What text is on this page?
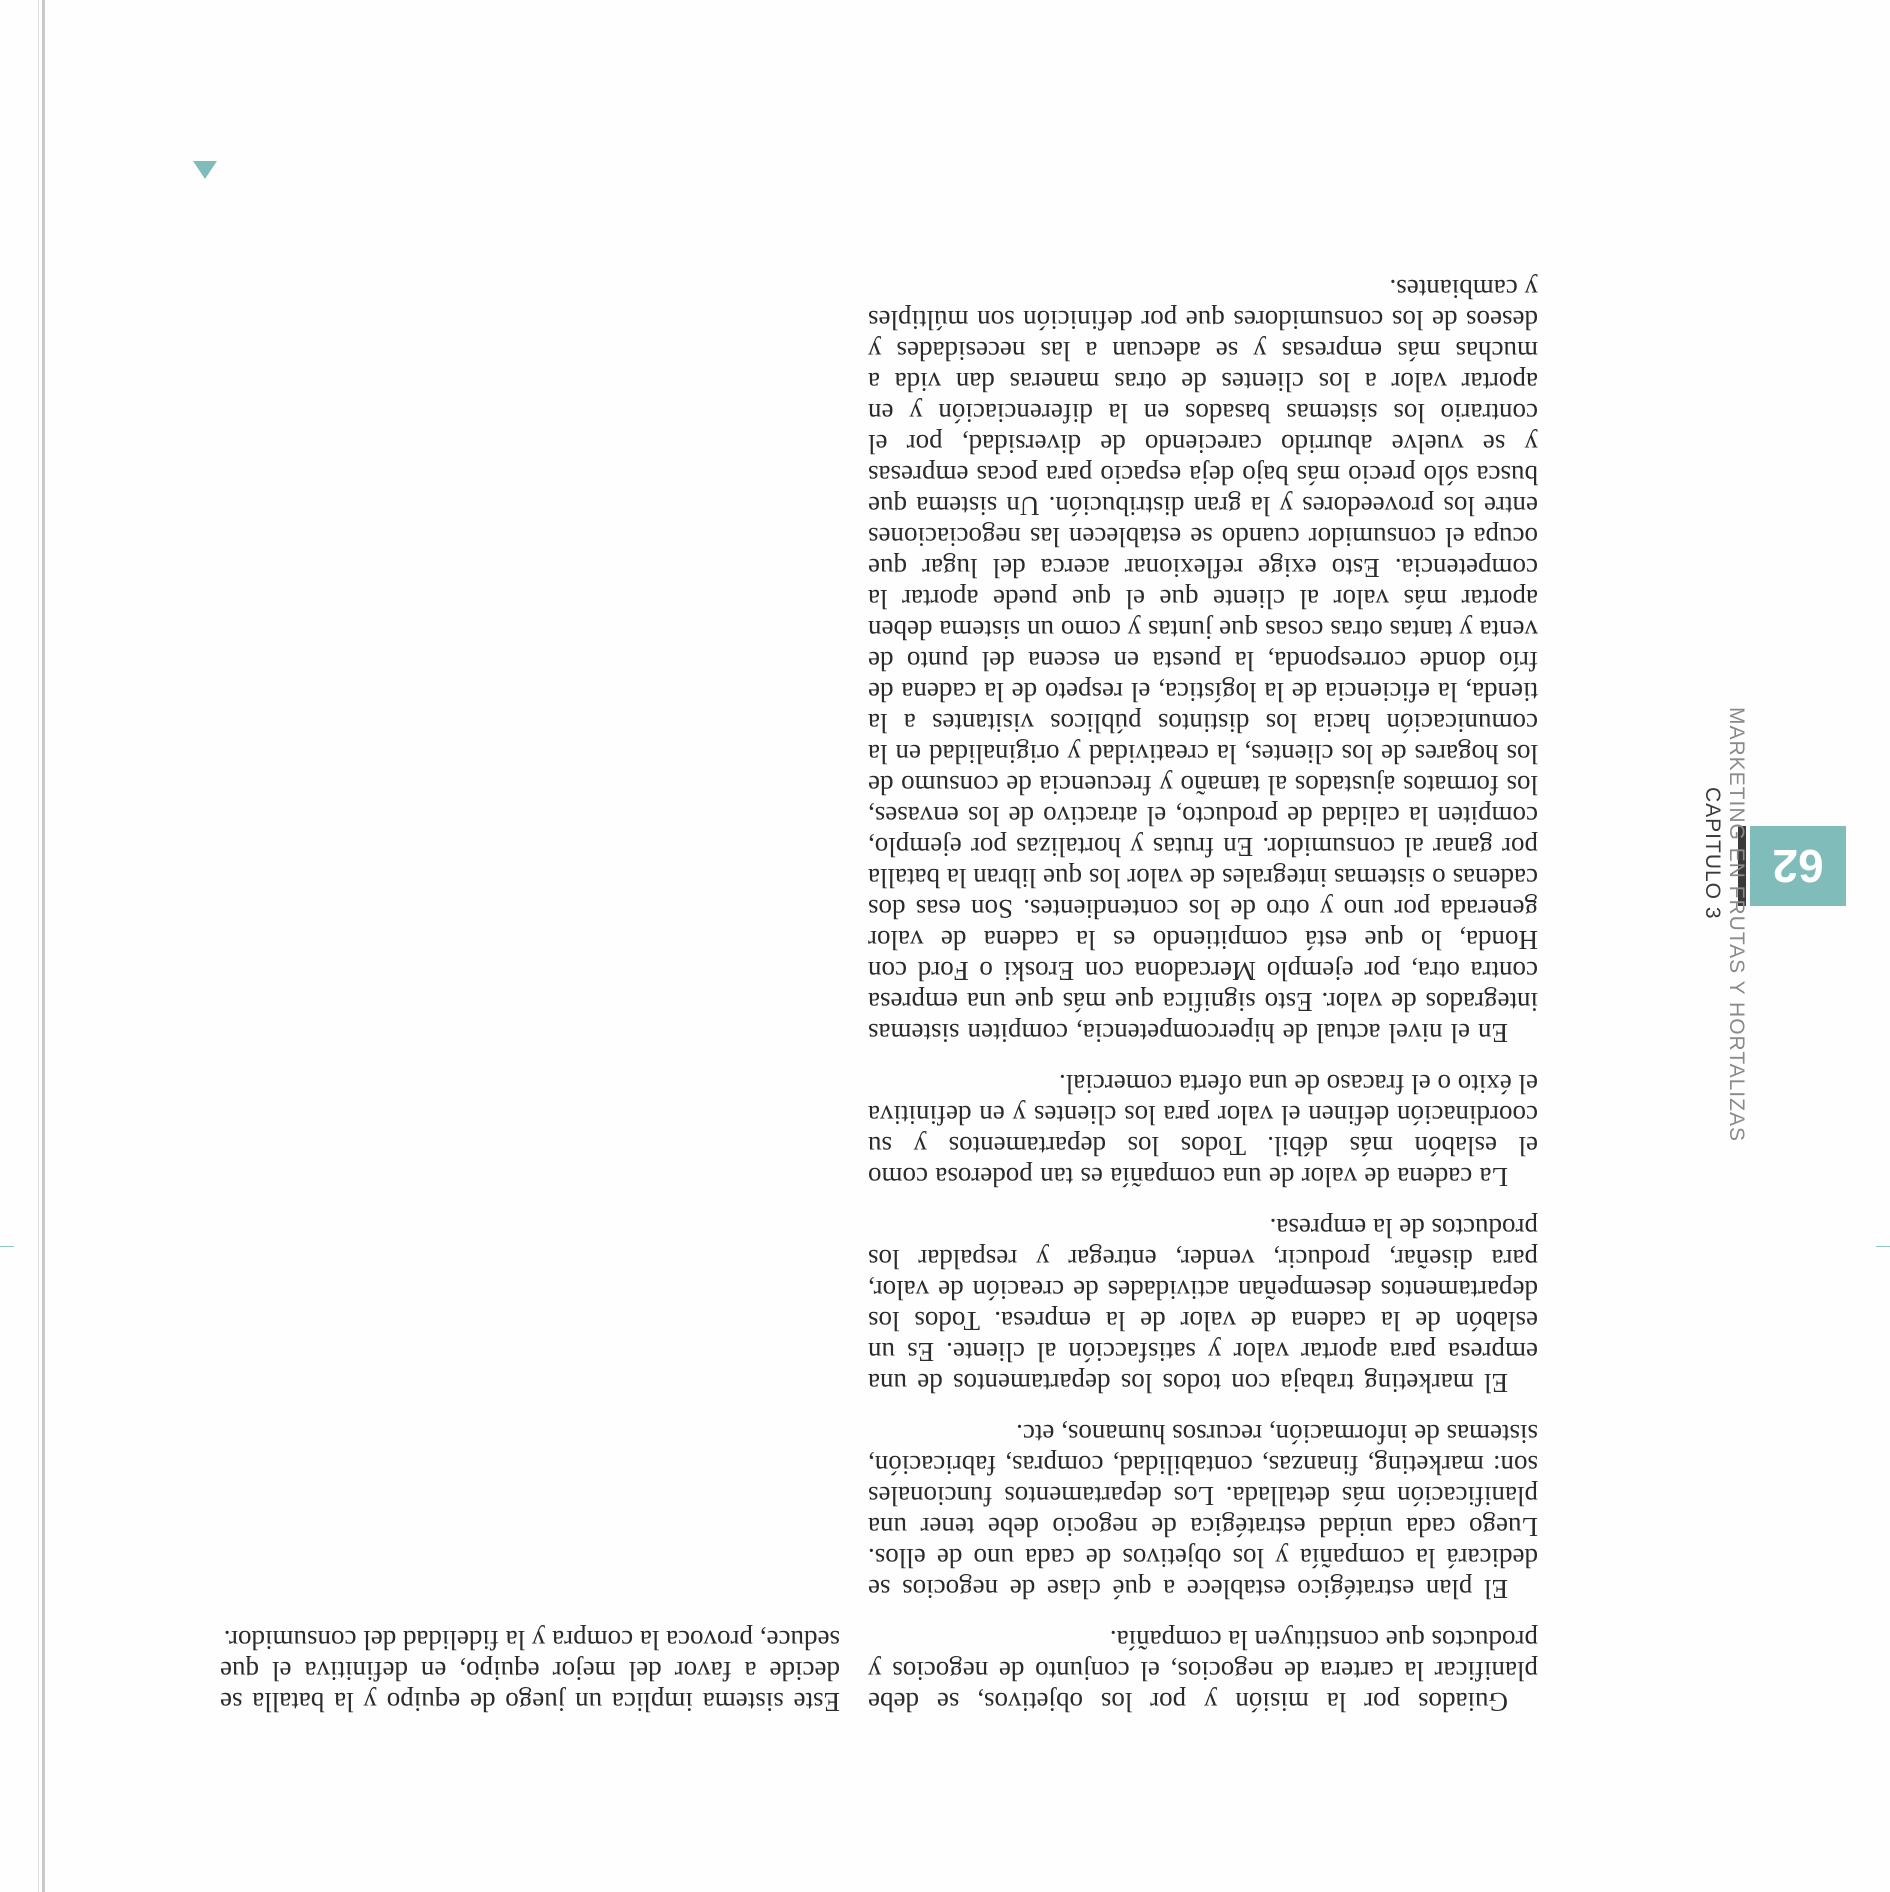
62
MARKETING EN FRUTAS Y HORTALIZAS
CAPITULO 3

Guiados por la misión y por los objetivos, se debe planificar la cartera de negocios, el conjunto de negocios y productos que constituyen la compañía.

El plan estratégico establece a qué clase de negocios se dedicará la compañía y los objetivos de cada uno de ellos. Luego cada unidad estratégica de negocio debe tener una planificación más detallada. Los departamentos funcionales son: marketing, finanzas, contabilidad, compras, fabricación, sistemas de información, recursos humanos, etc.

El marketing trabaja con todos los departamentos de una empresa para aportar valor y satisfacción al cliente. Es un eslabón de la cadena de valor de la empresa. Todos los departamentos desempeñan actividades de creación de valor, para diseñar, producir, vender, entregar y respaldar los productos de la empresa.

La cadena de valor de una compañía es tan poderosa como el eslabón más débil. Todos los departamentos y su coordinación definen el valor para los clientes y en definitiva el éxito o el fracaso de una oferta comercial.

En el nivel actual de hipercompetencia, compiten sistemas integrados de valor. Esto significa que más que una empresa contra otra, por ejemplo Mercadona con Eroski o Ford con Honda, lo que está compitiendo es la cadena de valor generada por uno y otro de los contendientes. Son esas dos cadenas o sistemas integrales de valor los que libran la batalla por ganar al consumidor. En frutas y hortalizas por ejemplo, compiten la calidad de producto, el atractivo de los envases, los formatos ajustados al tamaño y frecuencia de consumo de los hogares de los clientes, la creatividad y originalidad en la comunicación hacia los distintos públicos visitantes a la tienda, la eficiencia de la logística, el respeto de la cadena de frío donde corresponda, la puesta en escena del punto de venta y tantas otras cosas que juntas y como un sistema deben aportar más valor al cliente que el que puede aportar la competencia. Esto exige reflexionar acerca del lugar que ocupa el consumidor cuando se establecen las negociaciones entre los proveedores y la gran distribución. Un sistema que busca sólo precio más bajo deja espacio para pocas empresas y se vuelve aburrido careciendo de diversidad, por el contrario los sistemas basados en la diferenciación y en aportar valor a los clientes de otras maneras dan vida a muchas más empresas y se adecuan a las necesidades y deseos de los consumidores que por definición son múltiples y cambiantes.

Este sistema implica un juego de equipo y la batalla se decide a favor del mejor equipo, en definitiva el que seduce, provoca la compra y la fidelidad del consumidor.
